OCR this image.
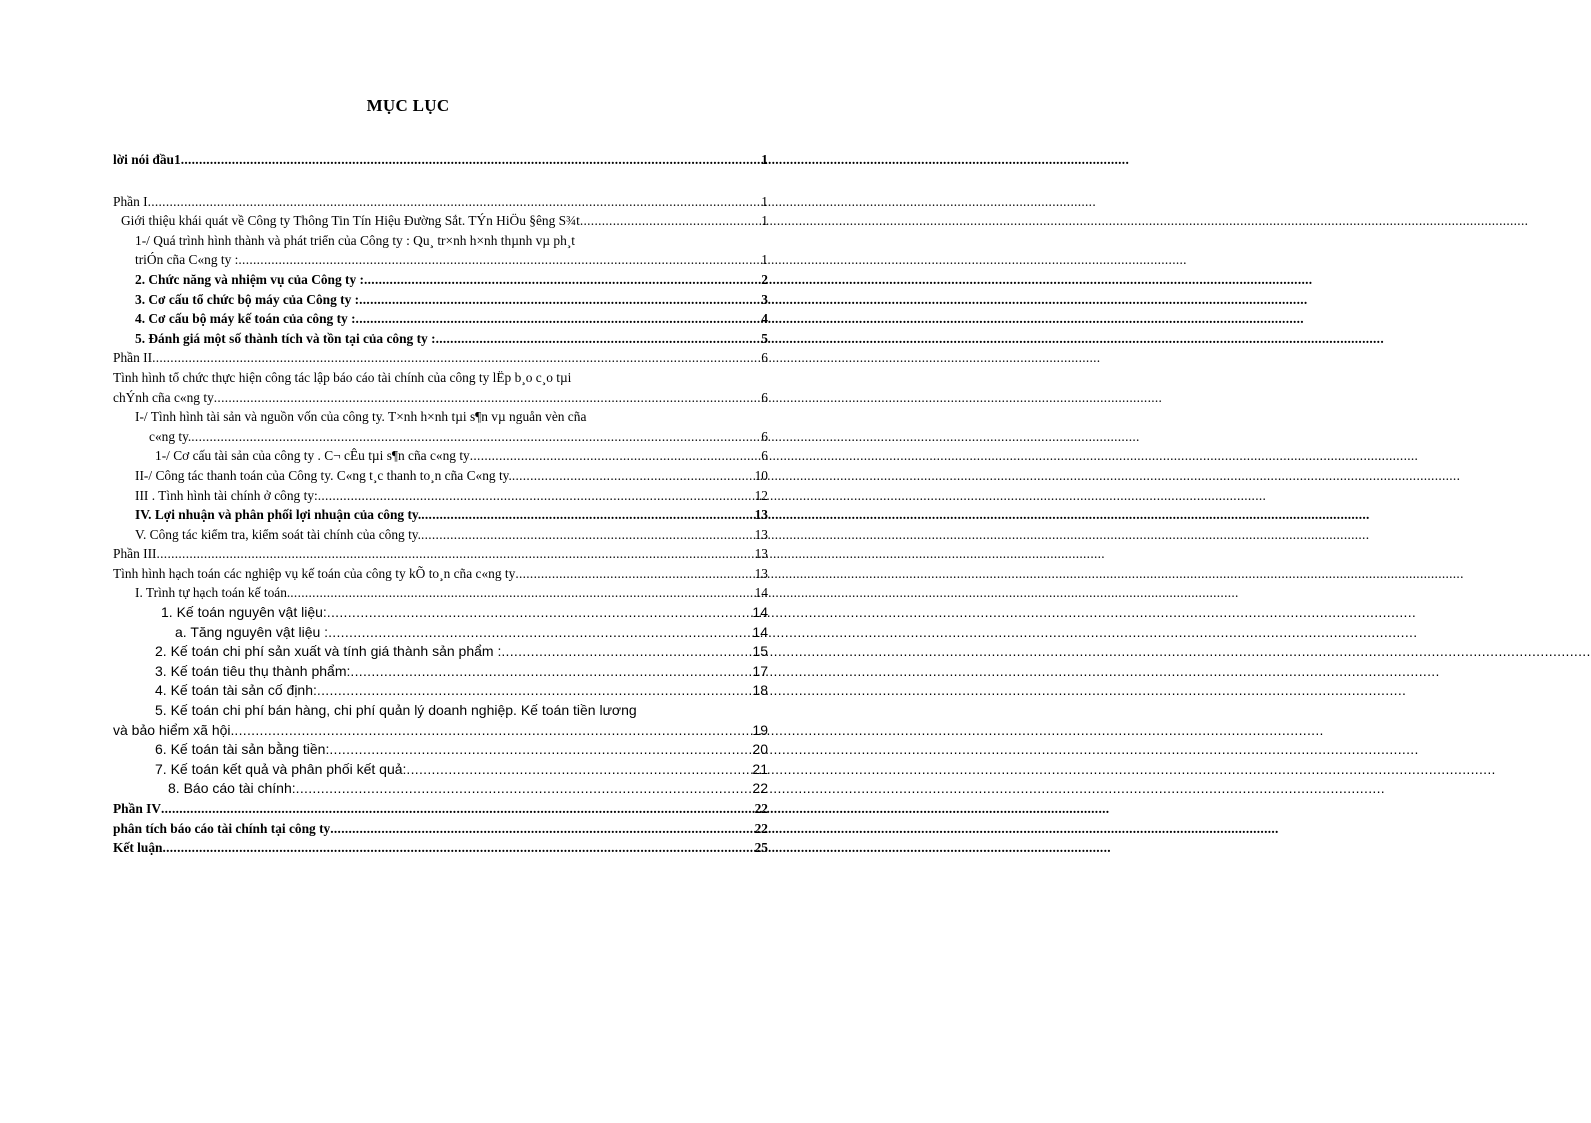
MỤC LỤC
lời nói đầu1 .....	1
Phần I .....	1
Giới thiệu khái quát về Công ty Thông Tin Tín Hiệu Đường Sắt. TÝn HiÖu §êng S¾t .....	1
1-/ Quá trình hình thành và phát triển của Công ty : Qu¸ tr×nh h×nh thµnh vµ ph¸t
triÓn cña C«ng ty : .....	1
2. Chức năng và nhiệm vụ của Công ty : .....	2
3. Cơ cấu tổ chức bộ máy của Công ty : .....	3
4. Cơ cấu bộ máy kế toán của công ty : .....	4
5. Đánh giá một số thành tích và tồn tại của công ty : .....	5
Phần II .....	6
Tình hình tổ chức thực hiện công tác lập báo cáo tài chính của công ty lËp b¸o c¸o tµi
chÝnh cña c«ng ty .....	6
I-/ Tình hình tài sản và nguồn vốn của công ty. T×nh h×nh tµi s¶n vµ nguån vèn cña
c«ng ty. .....	6
1-/ Cơ cấu tài sản của công ty . C¬ cÊu tµi s¶n cña c«ng ty .....	6
II-/ Công tác thanh toán của Công ty. C«ng t¸c thanh to¸n cña C«ng ty. .....	10
III . Tình hình tài chính ở công ty: .....	12
IV. Lợi nhuận và phân phối lợi nhuận của công ty. .....	13
V. Công tác kiểm tra, kiểm soát tài chính của công ty. .....	13
Phần III .....	13
Tình hình hạch toán các nghiệp vụ kế toán của công ty kÕ to¸n cña c«ng ty .....	13
I. Trình tự hạch toán kế toán. .....	14
1. Kế toán nguyên vật liệu: .....	14
a. Tăng nguyên vật liệu : .....	14
2. Kế toán chi phí sản xuất và tính giá thành sản phẩm : .....	15
3. Kế toán tiêu thụ thành phẩm: .....	17
4. Kế toán tài sản cố định: .....	18
5. Kế toán chi phí bán hàng, chi phí quản lý doanh nghiệp. Kế toán tiền lương
và bảo hiểm xã hội. .....	19
6. Kế toán tài sản bằng tiền: .....	20
7. Kế toán kết quả và phân phối kết quả: .....	21
8. Báo cáo tài chính: .....	22
Phần IV .....	22
phân tích báo cáo tài chính tại công ty .....	22
Kết luận .....	25
